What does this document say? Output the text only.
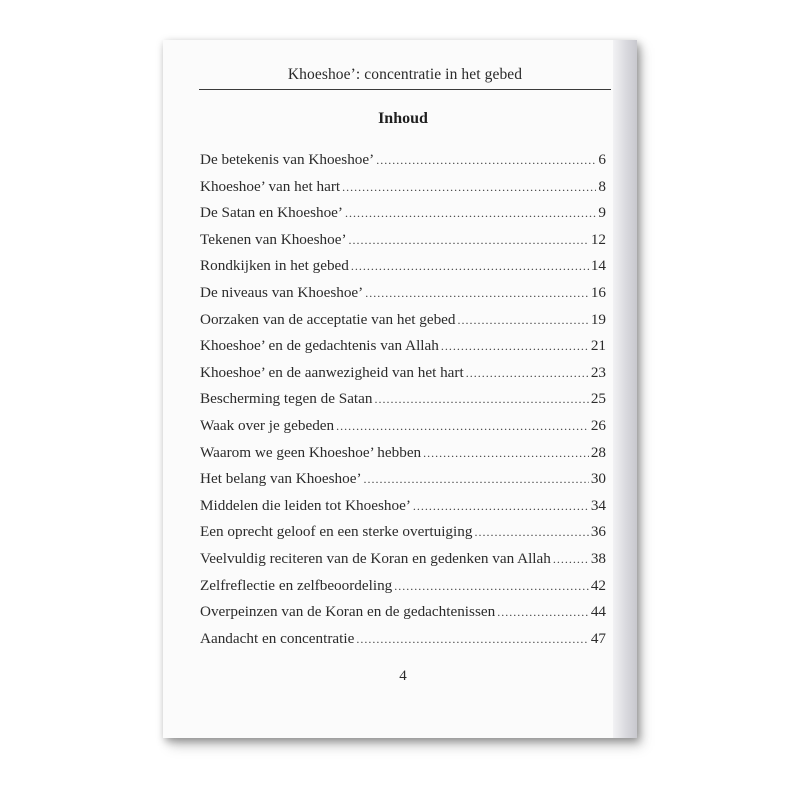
Khoeshoe’: concentratie in het gebed
Inhoud
De betekenis van Khoeshoe’ .....	6
Khoeshoe’ van het hart .....	8
De Satan en Khoeshoe’ .....	9
Tekenen van Khoeshoe’ .....	12
Rondkijken in het gebed .....	14
De niveaus van Khoeshoe’ .....	16
Oorzaken van de acceptatie van het gebed .....	19
Khoeshoe’ en de gedachtenis van Allah .....	21
Khoeshoe’ en de aanwezigheid van het hart .....	23
Bescherming tegen de Satan .....	25
Waak over je gebeden .....	26
Waarom we geen Khoeshoe’ hebben .....	28
Het belang van Khoeshoe’ .....	30
Middelen die leiden tot Khoeshoe’ .....	34
Een oprecht geloof en een sterke overtuiging .....	36
Veelvuldig reciteren van de Koran en gedenken van Allah .....	38
Zelfreflectie en zelfbeoordeling .....	42
Overpeinzen van de Koran en de gedachtenissen .....	44
Aandacht en concentratie .....	47
4
